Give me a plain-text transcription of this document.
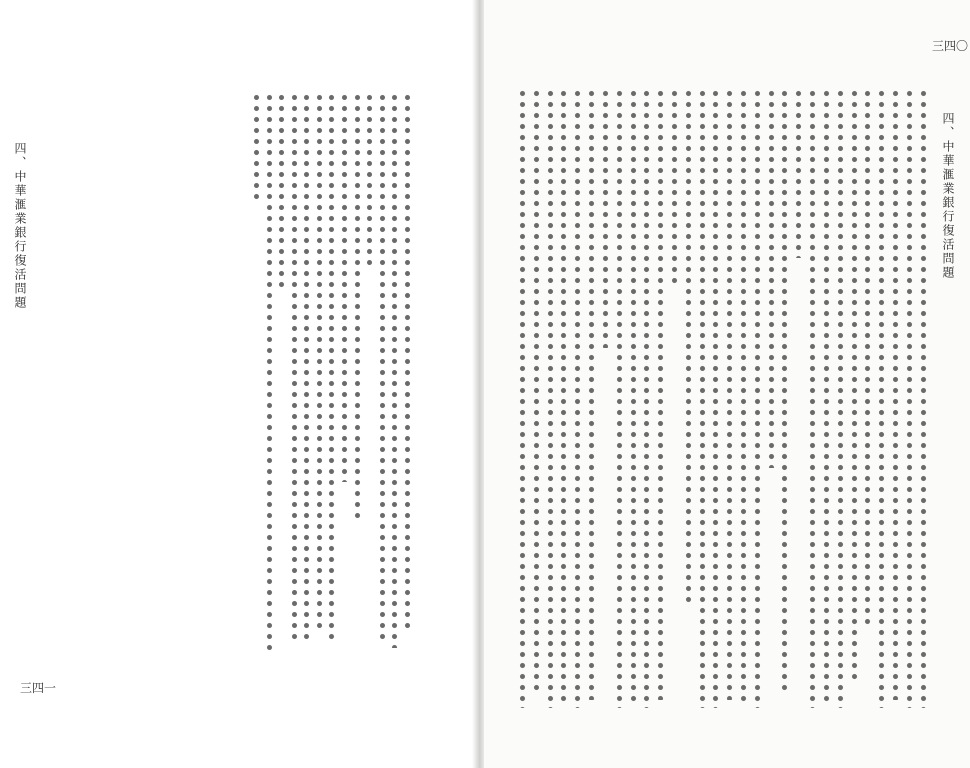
四、中華滙業銀行復活問題
三四一
四、中華滙業銀行復活問題
三四〇
